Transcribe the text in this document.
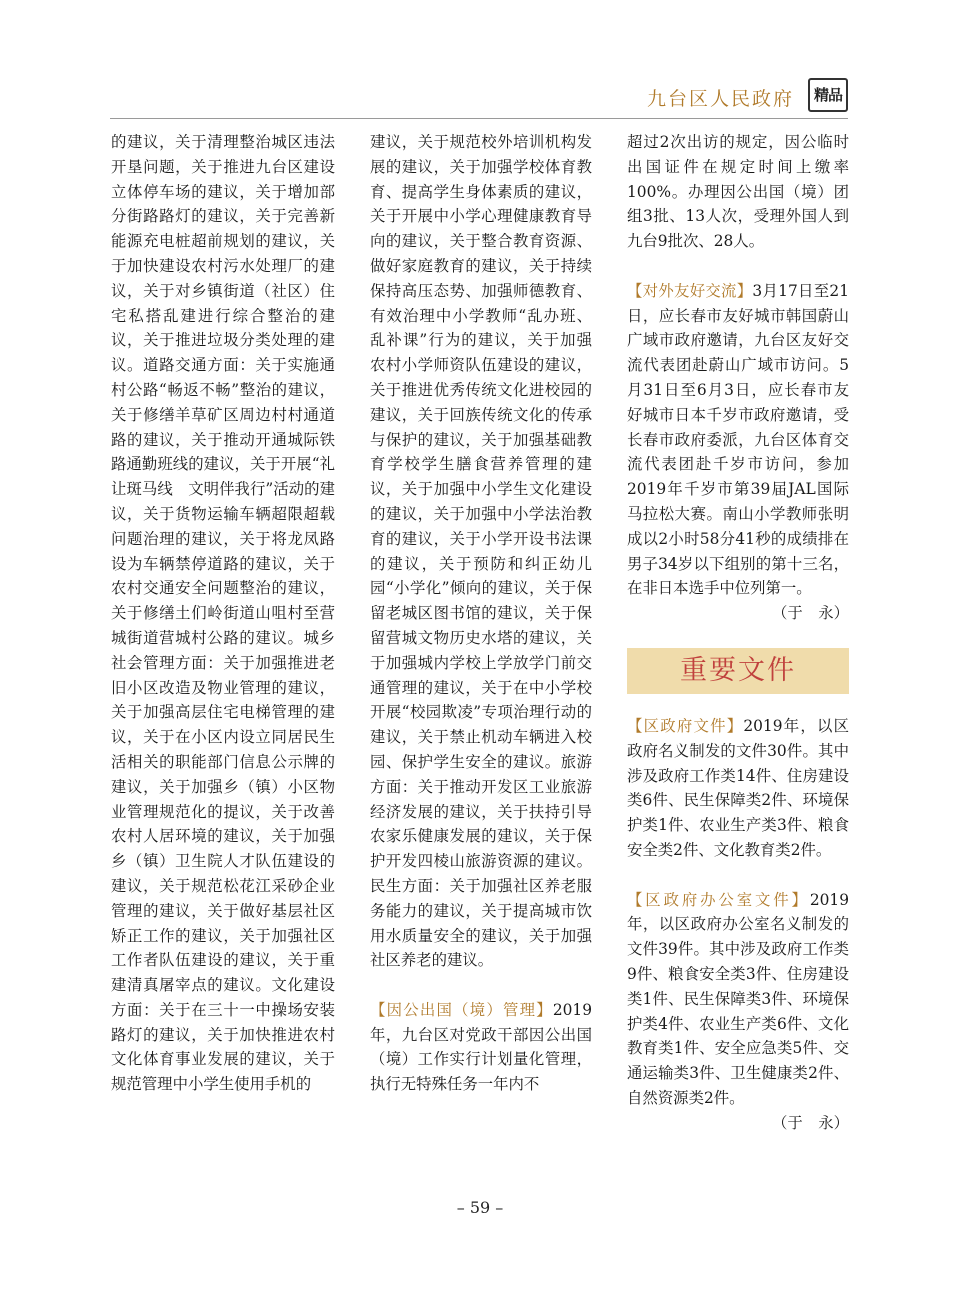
九台区人民政府	精品

的建议，关于清理整治城区违法开垦问题，关于推进九台区建设立体停车场的建议，关于增加部分街路路灯的建议，关于完善新能源充电桩超前规划的建议，关于加快建设农村污水处理厂的建议，关于对乡镇街道（社区）住宅私搭乱建进行综合整治的建议，关于推进垃圾分类处理的建议。道路交通方面：关于实施通村公路“畅返不畅”整治的建议，关于修缮羊草矿区周边村村通道路的建议，关于推动开通城际铁路通勤班线的建议，关于开展“礼让斑马线　文明伴我行”活动的建议，关于货物运输车辆超限超载问题治理的建议，关于将龙凤路设为车辆禁停道路的建议，关于农村交通安全问题整治的建议，关于修缮土们岭街道山咀村至营城街道营城村公路的建议。城乡社会管理方面：关于加强推进老旧小区改造及物业管理的建议，关于加强高层住宅电梯管理的建议，关于在小区内设立同居民生活相关的职能部门信息公示牌的建议，关于加强乡（镇）小区物业管理规范化的提议，关于改善农村人居环境的建议，关于加强乡（镇）卫生院人才队伍建设的建议，关于规范松花江采砂企业管理的建议，关于做好基层社区矫正工作的建议，关于加强社区工作者队伍建设的建议，关于重建清真屠宰点的建议。文化建设方面：关于在三十一中操场安装路灯的建议，关于加快推进农村文化体育事业发展的建议，关于规范管理中小学生使用手机的

建议，关于规范校外培训机构发展的建议，关于加强学校体育教育、提高学生身体素质的建议，关于开展中小学心理健康教育导向的建议，关于整合教育资源、做好家庭教育的建议，关于持续保持高压态势、加强师德教育、有效治理中小学教师“乱办班、乱补课”行为的建议，关于加强农村小学师资队伍建设的建议，关于推进优秀传统文化进校园的建议，关于回族传统文化的传承与保护的建议，关于加强基础教育学校学生膳食营养管理的建议，关于加强中小学生文化建设的建议，关于加强中小学法治教育的建议，关于小学开设书法课的建议，关于预防和纠正幼儿园“小学化”倾向的建议，关于保留老城区图书馆的建议，关于保留营城文物历史水塔的建议，关于加强城内学校上学放学门前交通管理的建议，关于在中小学校开展“校园欺凌”专项治理行动的建议，关于禁止机动车辆进入校园、保护学生安全的建议。旅游方面：关于推动开发区工业旅游经济发展的建议，关于扶持引导农家乐健康发展的建议，关于保护开发四棱山旅游资源的建议。民生方面：关于加强社区养老服务能力的建议，关于提高城市饮用水质量安全的建议，关于加强社区养老的建议。

【因公出国（境）管理】2019年，九台区对党政干部因公出国（境）工作实行计划量化管理，执行无特殊任务一年内不

超过2次出访的规定，因公临时出国证件在规定时间上缴率100%。办理因公出国（境）团组3批、13人次，受理外国人到九台9批次、28人。

【对外友好交流】3月17日至21日，应长春市友好城市韩国蔚山广域市政府邀请，九台区友好交流代表团赴蔚山广域市访问。5月31日至6月3日，应长春市友好城市日本千岁市政府邀请，受长春市政府委派，九台区体育交流代表团赴千岁市访问，参加2019年千岁市第39届JAL国际马拉松大赛。南山小学教师张明成以2小时58分41秒的成绩排在男子34岁以下组别的第十三名，在非日本选手中位列第一。

（于　永）

重要文件

【区政府文件】2019年，以区政府名义制发的文件30件。其中涉及政府工作类14件、住房建设类6件、民生保障类2件、环境保护类1件、农业生产类3件、粮食安全类2件、文化教育类2件。

【区政府办公室文件】2019年，以区政府办公室名义制发的文件39件。其中涉及政府工作类9件、粮食安全类3件、住房建设类1件、民生保障类3件、环境保护类4件、农业生产类6件、文化教育类1件、安全应急类5件、交通运输类3件、卫生健康类2件、自然资源类2件。

（于　永）

– 59 –
